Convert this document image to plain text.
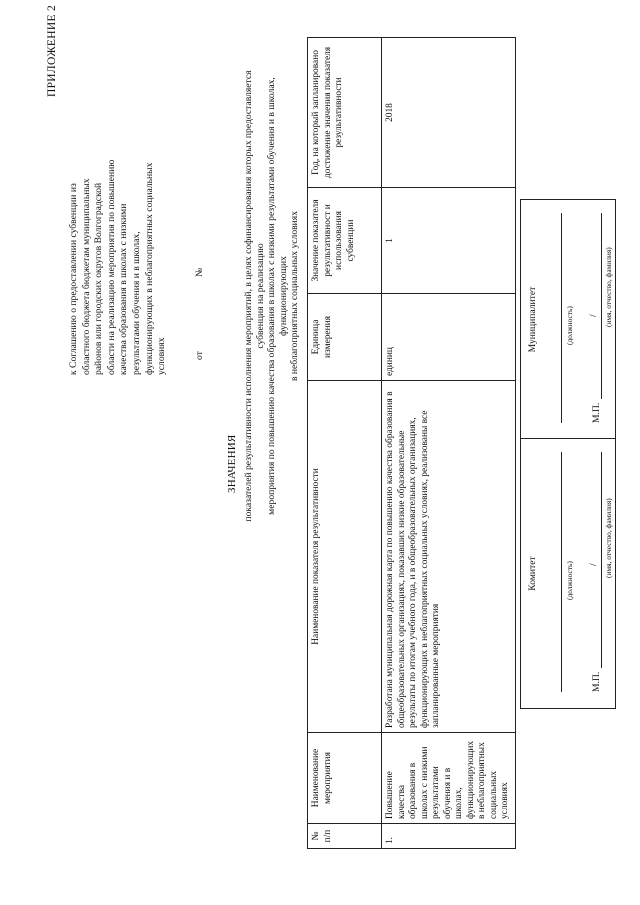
ПРИЛОЖЕНИЕ 2
к Соглашению о предоставлении субвенции из областного бюджета бюджетам муниципальных районов или городских округов Волгоградской области на реализацию мероприятия по повышению качества образования в школах с низкими результатами обучения и в школах, функционирующих в неблагоприятных социальных условиях	от
№
ЗНАЧЕНИЯ показателей результативности исполнения мероприятий, в целях софинансирования которых предоставляется субвенция на реализацию мероприятия по повышению качества образования в школах с низкими результатами обучения и в школах, функционирующих в неблагоприятных социальных условиях
№ п/п	Наименование мероприятия	Наименование показателя результативности	Единица измерения	Значение показателя результативност и использования субвенции	Год, на который запланировано достижение значения показателя результативности
1.	Повышение качества образования в школах с низкими результатами обучения и в школах, функционирующих в неблагоприятных социальных условиях	Разработана муниципальная дорожная карта по повышению качества образования в общеобразовательных организациях, показавших низкие образовательные результаты по итогам учебного года, и в общеобразовательных организациях, функционирующих в неблагоприятных социальных условиях, реализованы все запланированные мероприятия	единиц	1	2018
Комитет	(должность)
М.П.
/ (имя, отчество, фамилия)
Муниципалитет	(должность)
М.П.
/ (имя, отчество, фамилия)
